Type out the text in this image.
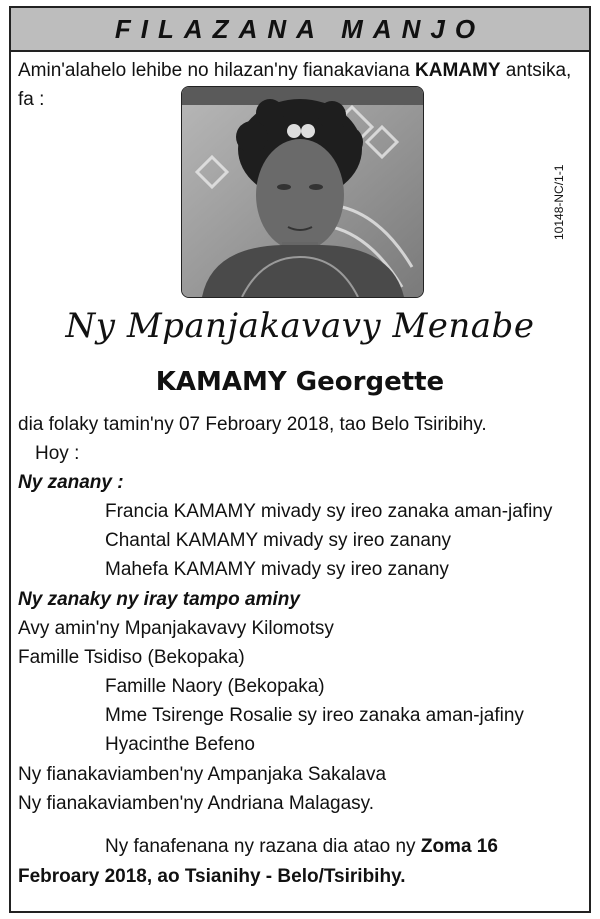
FILAZANA MANJO
Amin'alahelo lehibe no hilazan'ny fianakaviana KAMAMY antsika,
fa :
10148-NC/1-1
Ny Mpanjakavavy Menabe
KAMAMY Georgette
dia folaky tamin'ny 07 Febroary 2018, tao Belo Tsiribihy.
Hoy :
Ny zanany :
Francia KAMAMY mivady sy ireo zanaka aman-jafiny
Chantal KAMAMY mivady sy ireo zanany
Mahefa KAMAMY mivady sy ireo zanany
Ny zanaky ny iray tampo aminy
Avy amin'ny Mpanjakavavy Kilomotsy
Famille Tsidiso (Bekopaka)
Famille Naory (Bekopaka)
Mme Tsirenge Rosalie sy ireo zanaka aman-jafiny
Hyacinthe Befeno
Ny fianakaviamben'ny Ampanjaka Sakalava
Ny fianakaviamben'ny Andriana Malagasy.
Ny fanafenana ny razana dia atao ny Zoma 16
Febroary 2018, ao Tsianihy - Belo/Tsiribihy.
